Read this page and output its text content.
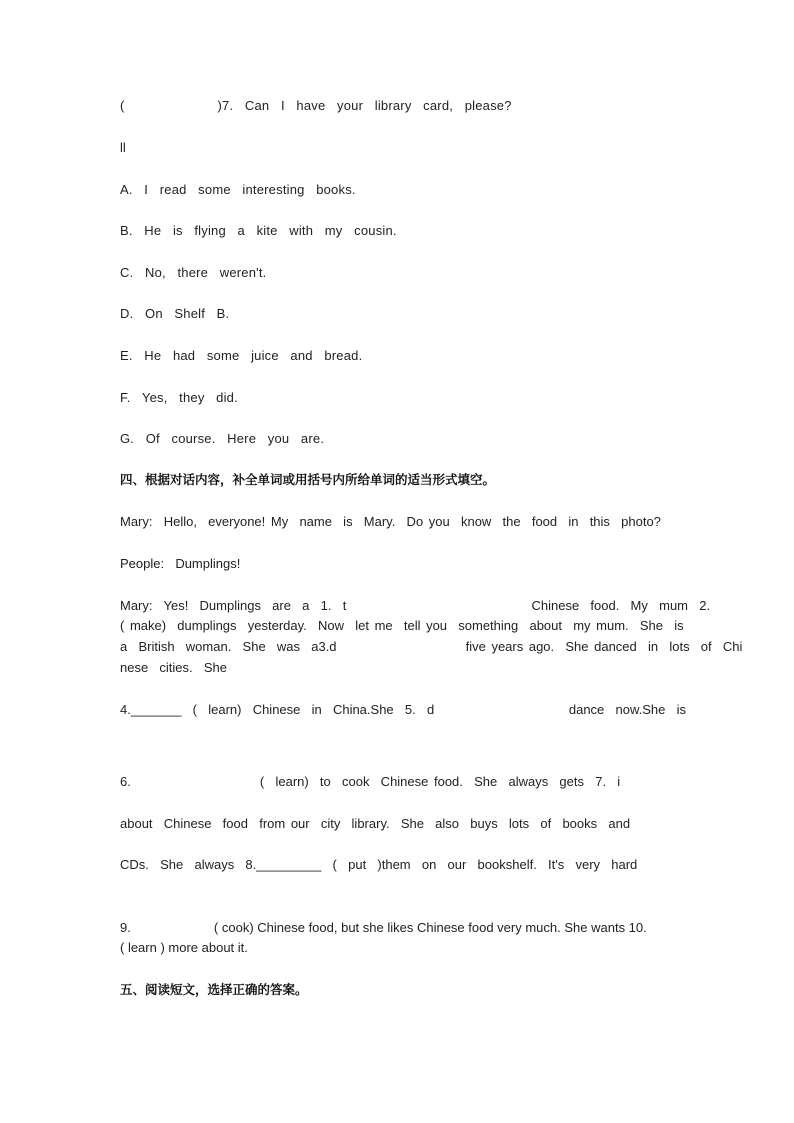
(                )7.  Can  I  have  your  library  card,  please?
ll
A.  I  read  some  interesting  books.
B.  He  is  flying  a  kite  with  my  cousin.
C.  No,  there  weren't.
D.  On  Shelf  B.
E.  He  had  some  juice  and  bread.
F.  Yes,  they  did.
G.  Of  course.  Here  you  are.
四、根据对话内容，补全单词或用括号内所给单词的适当形式填空。
Mary:  Hello,  everyone! My  name  is  Mary.  Do you  know  the  food  in  this  photo?
People:  Dumplings!
Mary:  Yes!  Dumplings  are  a  1.  t                                 Chinese  food.  My  mum  2.
( make)  dumplings  yesterday.  Now  let me  tell you  something  about  my mum.  She  is
a  British  woman.  She  was  a3.d                       five years ago.  She danced  in  lots  of  Chi
nese  cities.  She
4._______  (  learn)  Chinese  in  China.She  5.  d                        dance  now.She  is
6.                       (  learn)  to  cook  Chinese food.  She  always  gets  7.  i
about  Chinese  food  from our  city  library.  She  also  buys  lots  of  books  and
CDs.  She  always  8._________  (  put  )them  on  our  bookshelf.  It's  very  hard
9.                       ( cook) Chinese food, but she likes Chinese food very much. She wants 10.
( learn ) more about it.
五、阅读短文，选择正确的答案。
